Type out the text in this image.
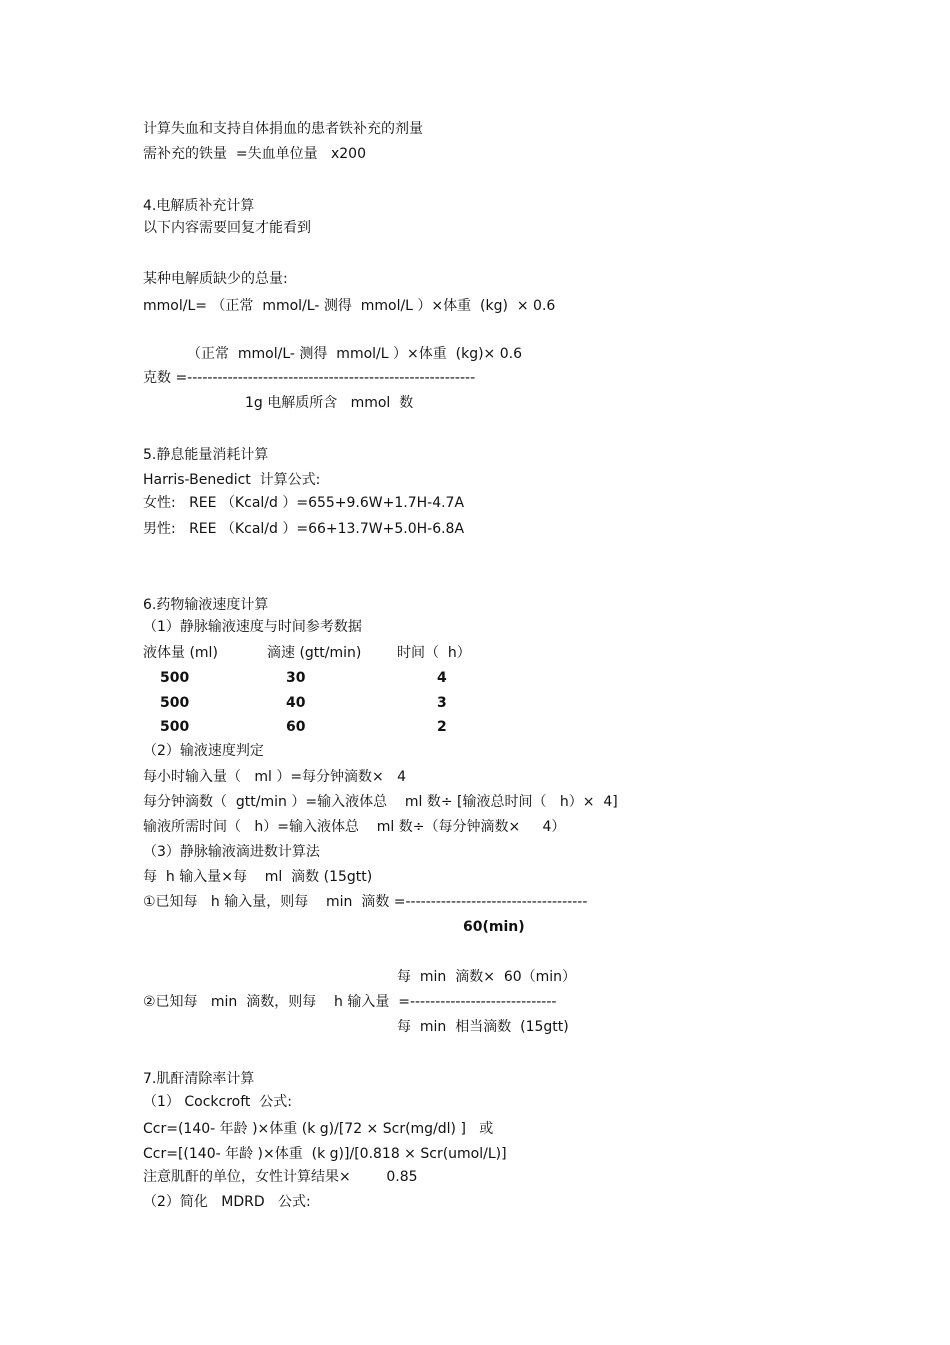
计算失血和支持自体捐血的患者铁补充的剂量
需补充的铁量  =失血单位量   x200
4.电解质补充计算
以下内容需要回复才能看到
某种电解质缺少的总量:
mmol/L= （正常  mmol/L- 测得  mmol/L ）×体重  (kg)  × 0.6
（正常  mmol/L- 测得  mmol/L ）×体重  (kg)× 0.6
克数 =---------------------------------------------------------
1g 电解质所含   mmol  数
5.静息能量消耗计算
Harris-Benedict  计算公式:
女性:   REE （Kcal/d ）=655+9.6W+1.7H-4.7A
男性:   REE （Kcal/d ）=66+13.7W+5.0H-6.8A
6.药物输液速度计算
（1）静脉输液速度与时间参考数据
液体量 (ml)	滴速 (gtt/min)	时间（  h）
500	30	4
500	40	3
500	60	2
（2）输液速度判定
每小时输入量（   ml ）=每分钟滴数×   4
每分钟滴数（  gtt/min ）=输入液体总    ml 数÷ [输液总时间（   h）×  4]
输液所需时间（   h）=输入液体总    ml 数÷（每分钟滴数×     4）
（3）静脉输液滴进数计算法
每  h 输入量×每    ml  滴数 (15gtt)
①已知每   h 输入量，则每    min  滴数 =------------------------------------
60(min)
每  min  滴数×  60（min）
②已知每   min  滴数，则每    h 输入量  =-----------------------------
每  min  相当滴数  (15gtt)
7.肌酐清除率计算
（1） Cockcroft  公式:
Ccr=(140- 年龄 )×体重 (k g)/[72 × Scr(mg/dl) ]   或
Ccr=[(140- 年龄 )×体重  (k g)]/[0.818 × Scr(umol/L)]
注意肌酐的单位，女性计算结果×        0.85
（2）简化   MDRD   公式:
